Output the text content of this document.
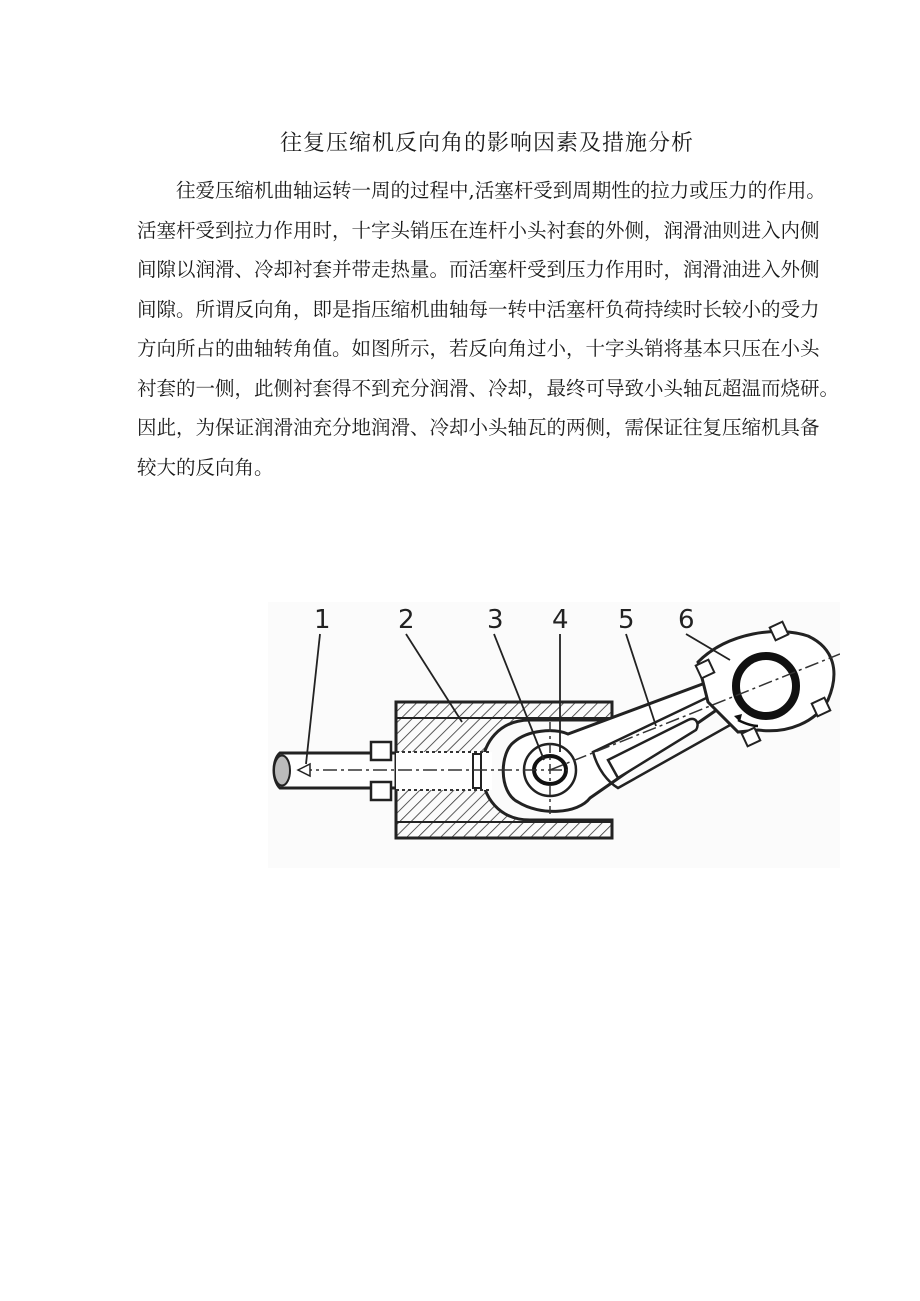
往复压缩机反向角的影响因素及措施分析
往爱压缩机曲轴运转一周的过程中,活塞杆受到周期性的拉力或压力的作用。
活塞杆受到拉力作用时，十字头销压在连杆小头衬套的外侧，润滑油则进入内侧
间隙以润滑、冷却衬套并带走热量。而活塞杆受到压力作用时，润滑油进入外侧
间隙。所谓反向角，即是指压缩机曲轴每一转中活塞杆负荷持续时长较小的受力
方向所占的曲轴转角值。如图所示，若反向角过小，十字头销将基本只压在小头
衬套的一侧，此侧衬套得不到充分润滑、冷却，最终可导致小头轴瓦超温而烧研。
因此，为保证润滑油充分地润滑、冷却小头轴瓦的两侧，需保证往复压缩机具备
较大的反向角。
1	2	3 4 5 6
